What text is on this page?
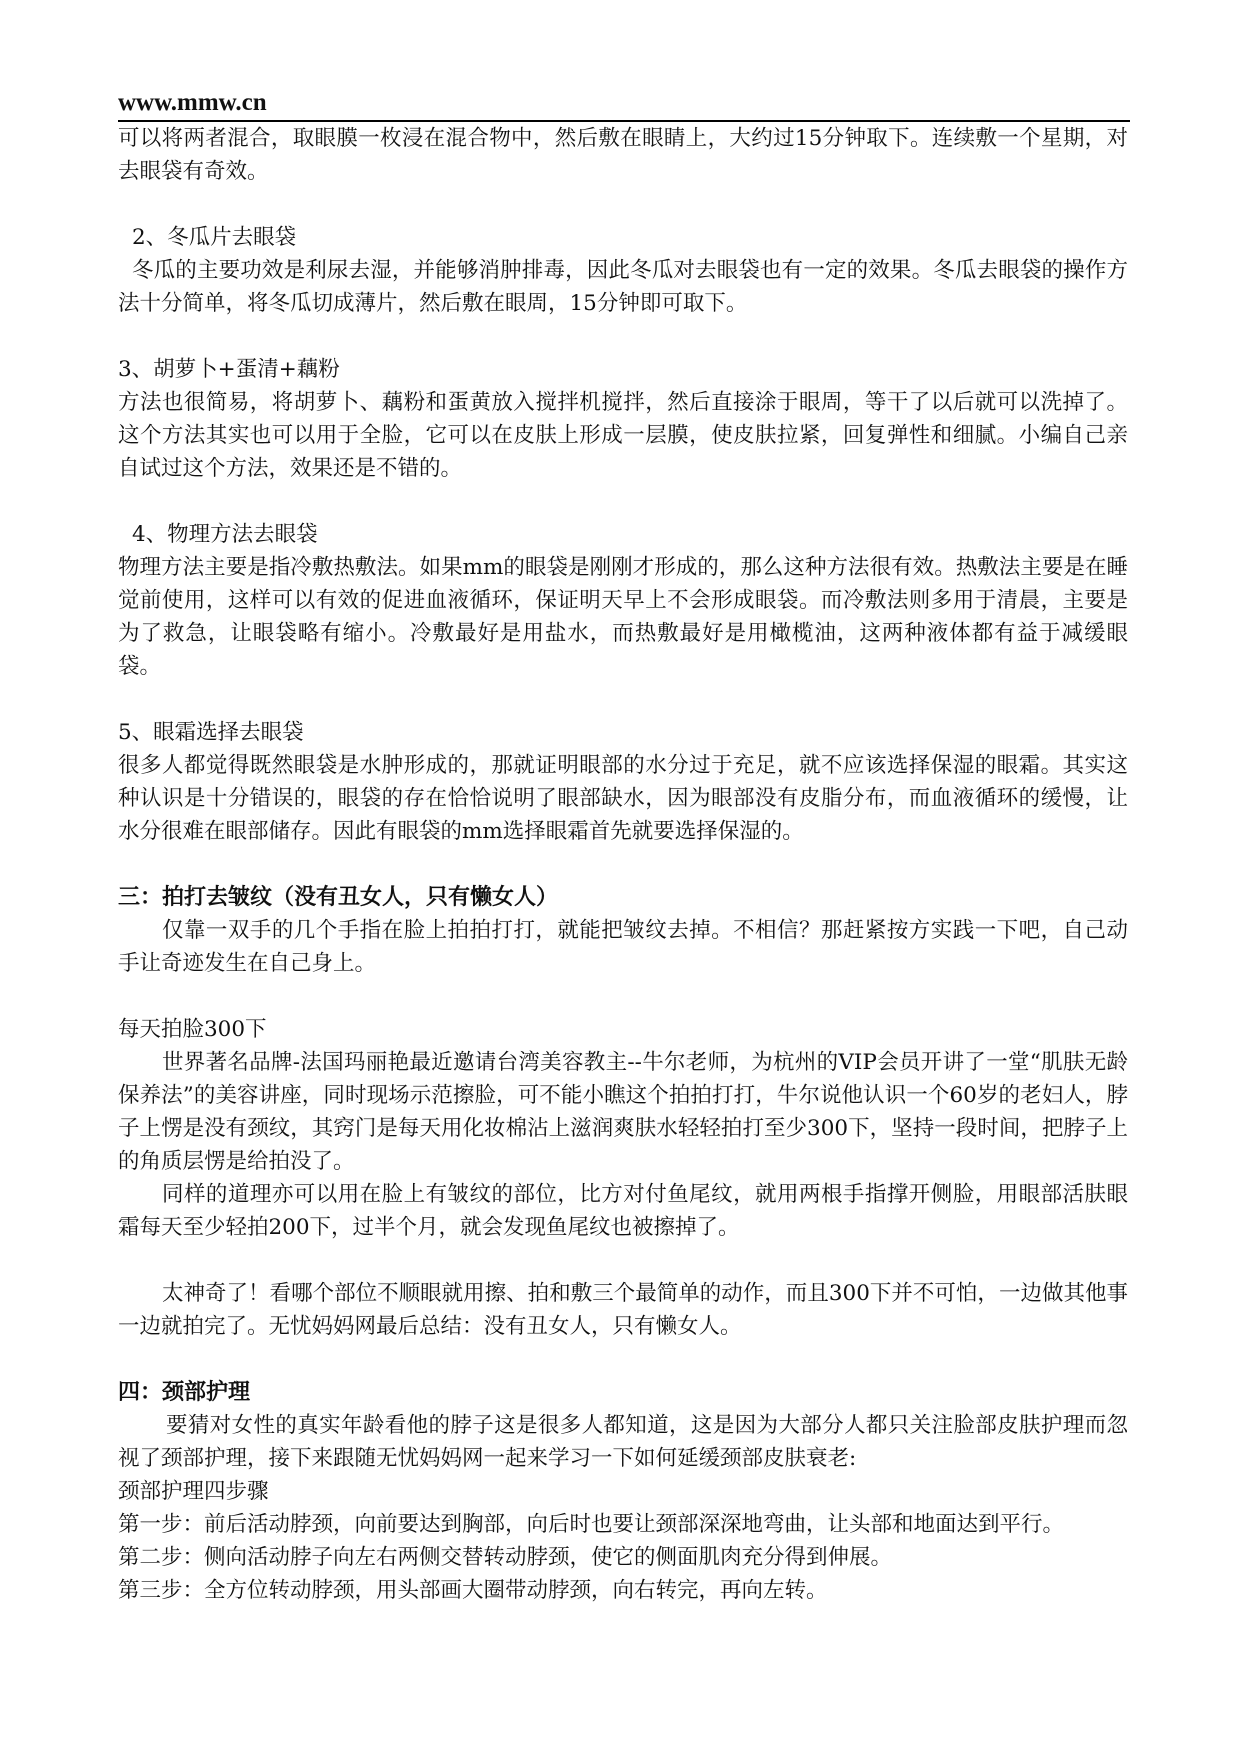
www.mmw.cn

可以将两者混合，取眼膜一枚浸在混合物中，然后敷在眼睛上，大约过15分钟取下。连续敷一个星期，对去眼袋有奇效。

2、冬瓜片去眼袋

冬瓜的主要功效是利尿去湿，并能够消肿排毒，因此冬瓜对去眼袋也有一定的效果。冬瓜去眼袋的操作方法十分简单，将冬瓜切成薄片，然后敷在眼周，15分钟即可取下。

3、胡萝卜+蛋清+藕粉

方法也很简易，将胡萝卜、藕粉和蛋黄放入搅拌机搅拌，然后直接涂于眼周，等干了以后就可以洗掉了。这个方法其实也可以用于全脸，它可以在皮肤上形成一层膜，使皮肤拉紧，回复弹性和细腻。小编自己亲自试过这个方法，效果还是不错的。

4、物理方法去眼袋

物理方法主要是指冷敷热敷法。如果mm的眼袋是刚刚才形成的，那么这种方法很有效。热敷法主要是在睡觉前使用，这样可以有效的促进血液循环，保证明天早上不会形成眼袋。而冷敷法则多用于清晨，主要是为了救急，让眼袋略有缩小。冷敷最好是用盐水，而热敷最好是用橄榄油，这两种液体都有益于减缓眼袋。

5、眼霜选择去眼袋

很多人都觉得既然眼袋是水肿形成的，那就证明眼部的水分过于充足，就不应该选择保湿的眼霜。其实这种认识是十分错误的，眼袋的存在恰恰说明了眼部缺水，因为眼部没有皮脂分布，而血液循环的缓慢，让水分很难在眼部储存。因此有眼袋的mm选择眼霜首先就要选择保湿的。

三：拍打去皱纹（没有丑女人，只有懒女人）

仅靠一双手的几个手指在脸上拍拍打打，就能把皱纹去掉。不相信？那赶紧按方实践一下吧，自己动手让奇迹发生在自己身上。

每天拍脸300下

世界著名品牌-法国玛丽艳最近邀请台湾美容教主--牛尔老师，为杭州的VIP会员开讲了一堂“肌肤无龄保养法”的美容讲座，同时现场示范擦脸，可不能小瞧这个拍拍打打，牛尔说他认识一个60岁的老妇人，脖子上愣是没有颈纹，其窍门是每天用化妆棉沾上滋润爽肤水轻轻拍打至少300下，坚持一段时间，把脖子上的角质层愣是给拍没了。

同样的道理亦可以用在脸上有皱纹的部位，比方对付鱼尾纹，就用两根手指撑开侧脸，用眼部活肤眼霜每天至少轻拍200下，过半个月，就会发现鱼尾纹也被擦掉了。

太神奇了！看哪个部位不顺眼就用擦、拍和敷三个最简单的动作，而且300下并不可怕，一边做其他事一边就拍完了。无忧妈妈网最后总结：没有丑女人，只有懒女人。

四：颈部护理

要猜对女性的真实年龄看他的脖子这是很多人都知道，这是因为大部分人都只关注脸部皮肤护理而忽视了颈部护理，接下来跟随无忧妈妈网一起来学习一下如何延缓颈部皮肤衰老:

颈部护理四步骤

第一步：前后活动脖颈，向前要达到胸部，向后时也要让颈部深深地弯曲，让头部和地面达到平行。

第二步：侧向活动脖子向左右两侧交替转动脖颈，使它的侧面肌肉充分得到伸展。

第三步：全方位转动脖颈，用头部画大圈带动脖颈，向右转完，再向左转。
